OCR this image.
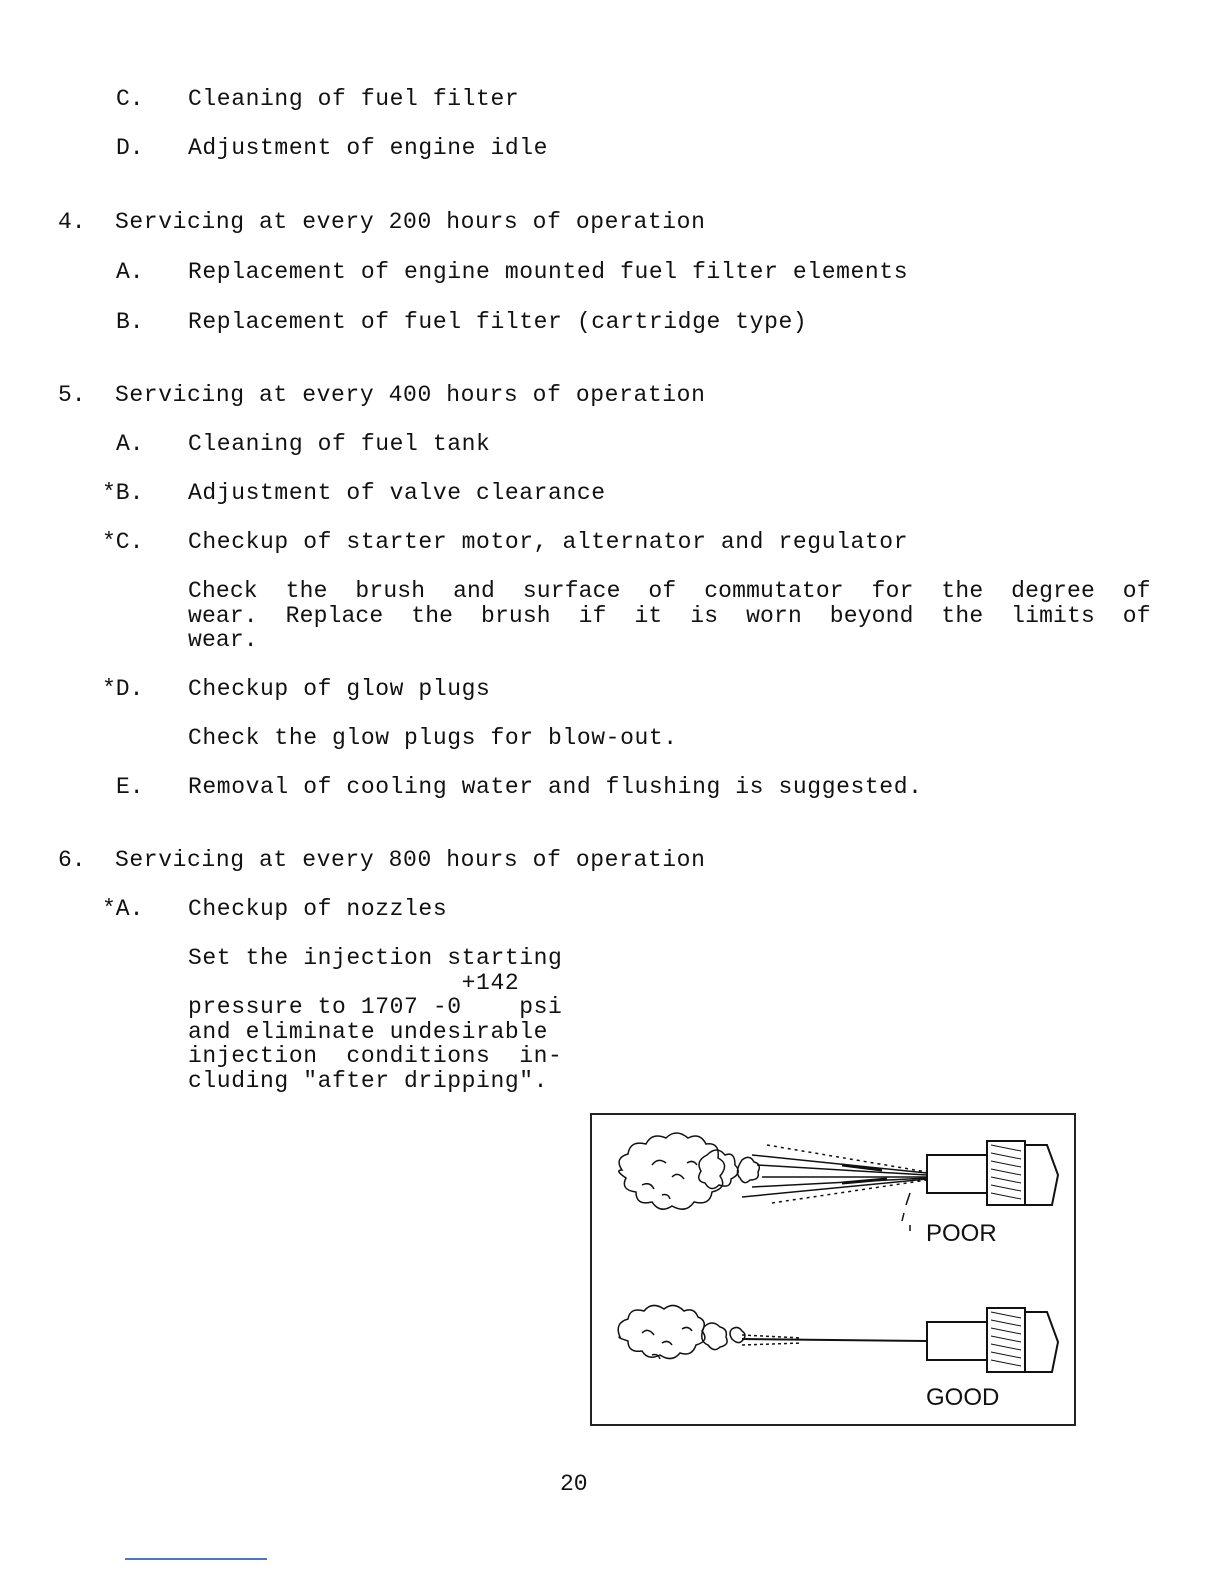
C. Cleaning of fuel filter
D. Adjustment of engine idle
4. Servicing at every 200 hours of operation
A. Replacement of engine mounted fuel filter elements
B. Replacement of fuel filter (cartridge type)
5. Servicing at every 400 hours of operation
A. Cleaning of fuel tank
*B. Adjustment of valve clearance
*C. Checkup of starter motor, alternator and regulator
Check  the  brush  and  surface  of  commutator  for  the  degree  of
wear.  Replace  the  brush  if  it  is  worn  beyond  the  limits  of
wear.
*D. Checkup of glow plugs
Check the glow plugs for blow-out.
E. Removal of cooling water and flushing is suggested.
6. Servicing at every 800 hours of operation
*A. Checkup of nozzles
Set the injection starting
+142
pressure to 1707 -0    psi
and eliminate undesirable
injection  conditions  in-
cluding "after dripping".
POOR
GOOD
20
